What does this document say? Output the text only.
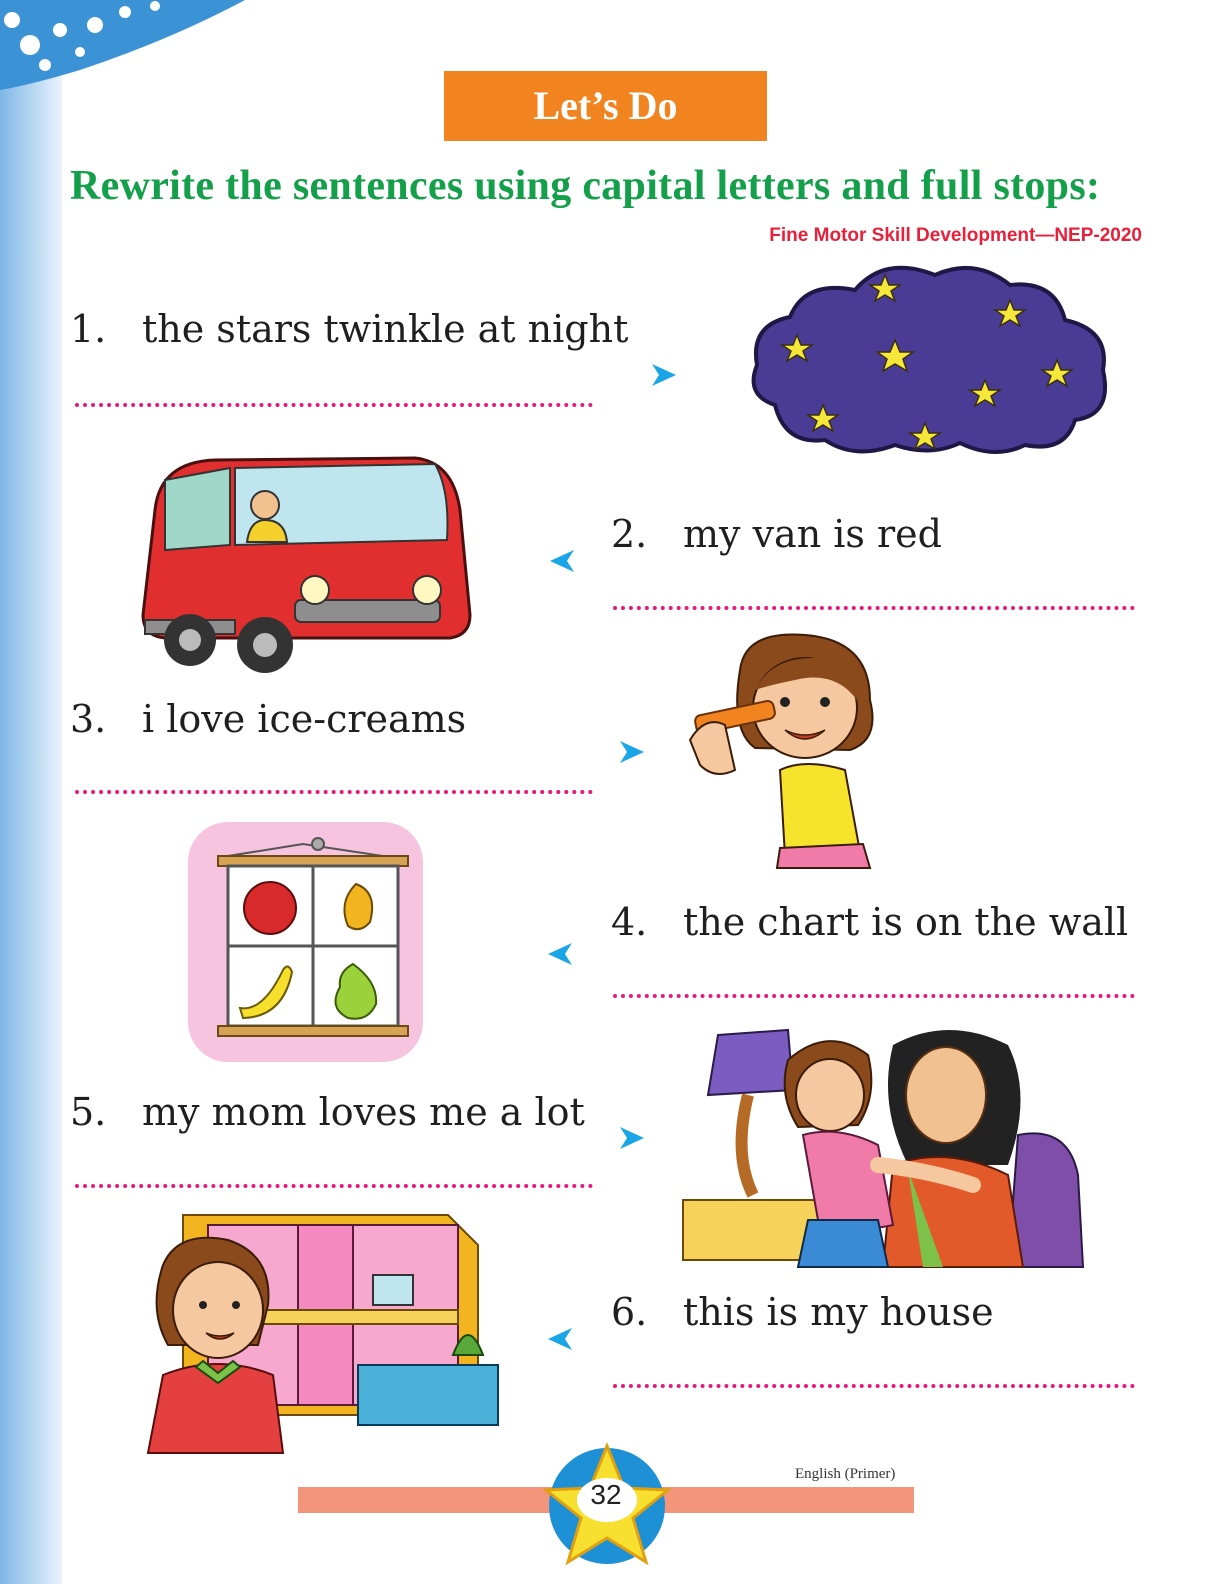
Let’s Do
Rewrite the sentences using capital letters and full stops:
Fine Motor Skill Development—NEP-2020
1. the stars twinkle at night
2. my van is red
3. i love ice-creams
4. the chart is on the wall
5. my mom loves me a lot
6. this is my house
English (Primer)
32
